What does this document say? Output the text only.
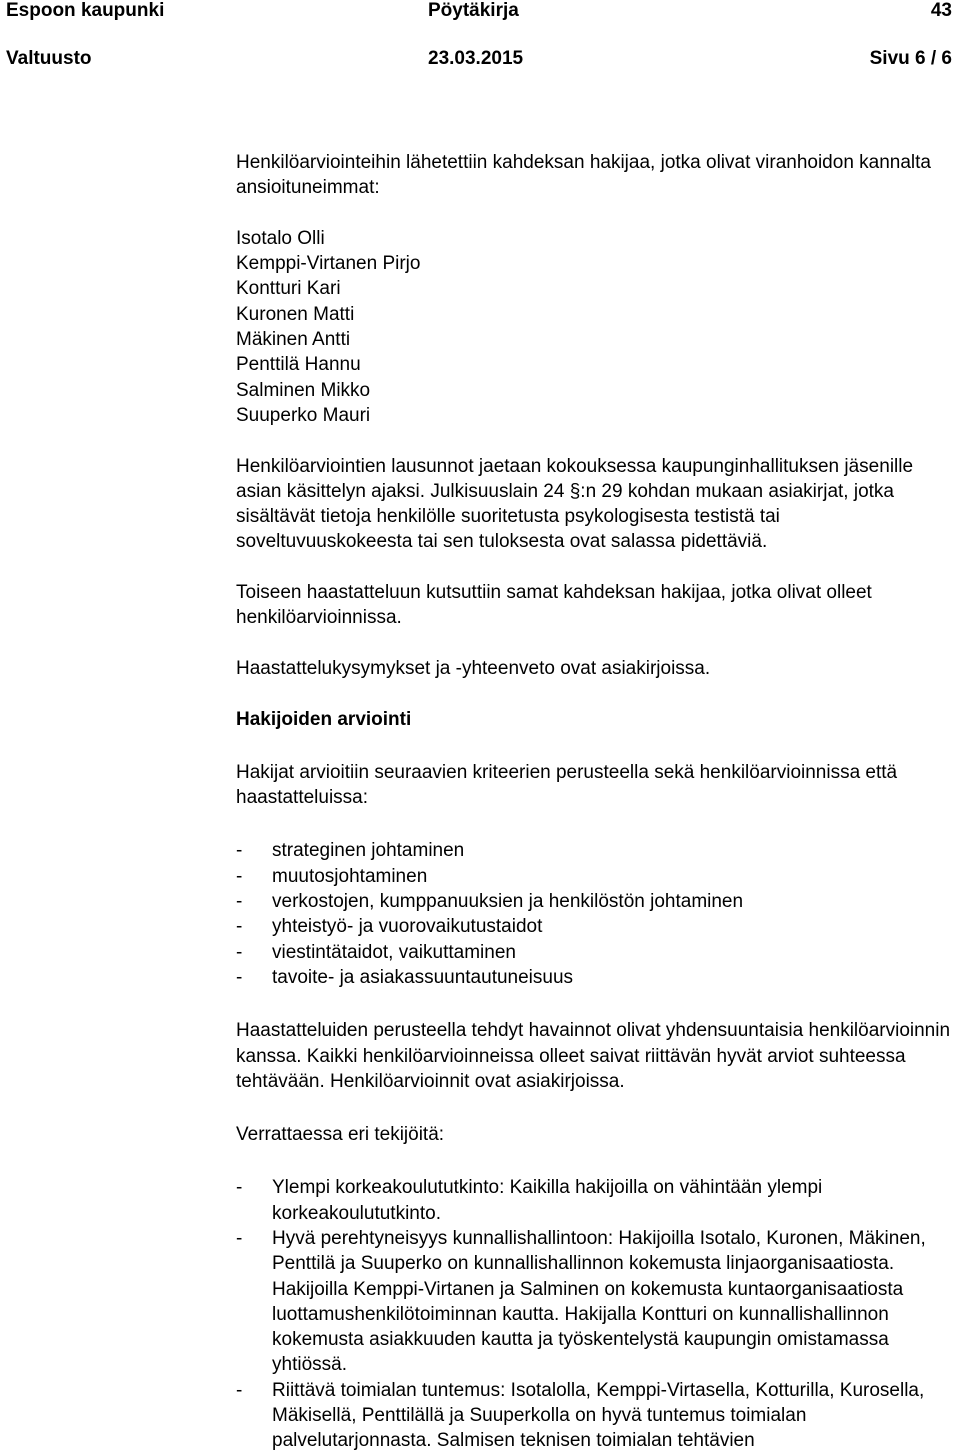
Espoon kaupunki	Pöytäkirja	43
Valtuusto	23.03.2015	Sivu 6 / 6

Henkilöarviointeihin lähetettiin kahdeksan hakijaa, jotka olivat viranhoidon kannalta ansioituneimmat:

Isotalo Olli
Kemppi-Virtanen Pirjo
Kontturi Kari
Kuronen Matti
Mäkinen Antti
Penttilä Hannu
Salminen Mikko
Suuperko Mauri

Henkilöarviointien lausunnot jaetaan kokouksessa kaupunginhallituksen jäsenille asian käsittelyn ajaksi. Julkisuuslain 24 §:n 29 kohdan mukaan asiakirjat, jotka sisältävät tietoja henkilölle suoritetusta psykologisesta testistä tai soveltuvuuskokeesta tai sen tuloksesta ovat salassa pidettäviä.

Toiseen haastatteluun kutsuttiin samat kahdeksan hakijaa, jotka olivat olleet henkilöarvioinnissa.

Haastattelukysymykset ja -yhteenveto ovat asiakirjoissa.

Hakijoiden arviointi

Hakijat arvioitiin seuraavien kriteerien perusteella sekä henkilöarvioinnissa että haastatteluissa:

- strateginen johtaminen
- muutosjohtaminen
- verkostojen, kumppanuuksien ja henkilöstön johtaminen
- yhteistyö- ja vuorovaikutustaidot
- viestintätaidot, vaikuttaminen
- tavoite- ja asiakassuuntautuneisuus

Haastatteluiden perusteella tehdyt havainnot olivat yhdensuuntaisia henkilöarvioinnin kanssa. Kaikki henkilöarvioinneissa olleet saivat riittävän hyvät arviot suhteessa tehtävään. Henkilöarvioinnit ovat asiakirjoissa.

Verrattaessa eri tekijöitä:

- Ylempi korkeakoulututkinto: Kaikilla hakijoilla on vähintään ylempi korkeakoulututkinto.
- Hyvä perehtyneisyys kunnallishallintoon: Hakijoilla Isotalo, Kuronen, Mäkinen, Penttilä ja Suuperko on kunnallishallinnon kokemusta linjaorganisaatiosta. Hakijoilla Kemppi-Virtanen ja Salminen on kokemusta kuntaorganisaatiosta luottamushenkilötoiminnan kautta. Hakijalla Kontturi on kunnallishallinnon kokemusta asiakkuuden kautta ja työskentelystä kaupungin omistamassa yhtiössä.
- Riittävä toimialan tuntemus: Isotalolla, Kemppi-Virtasella, Kotturilla, Kurosella, Mäkisellä, Penttilällä ja Suuperkolla on hyvä tuntemus toimialan palvelutarjonnasta. Salmisen teknisen toimialan tehtävien
